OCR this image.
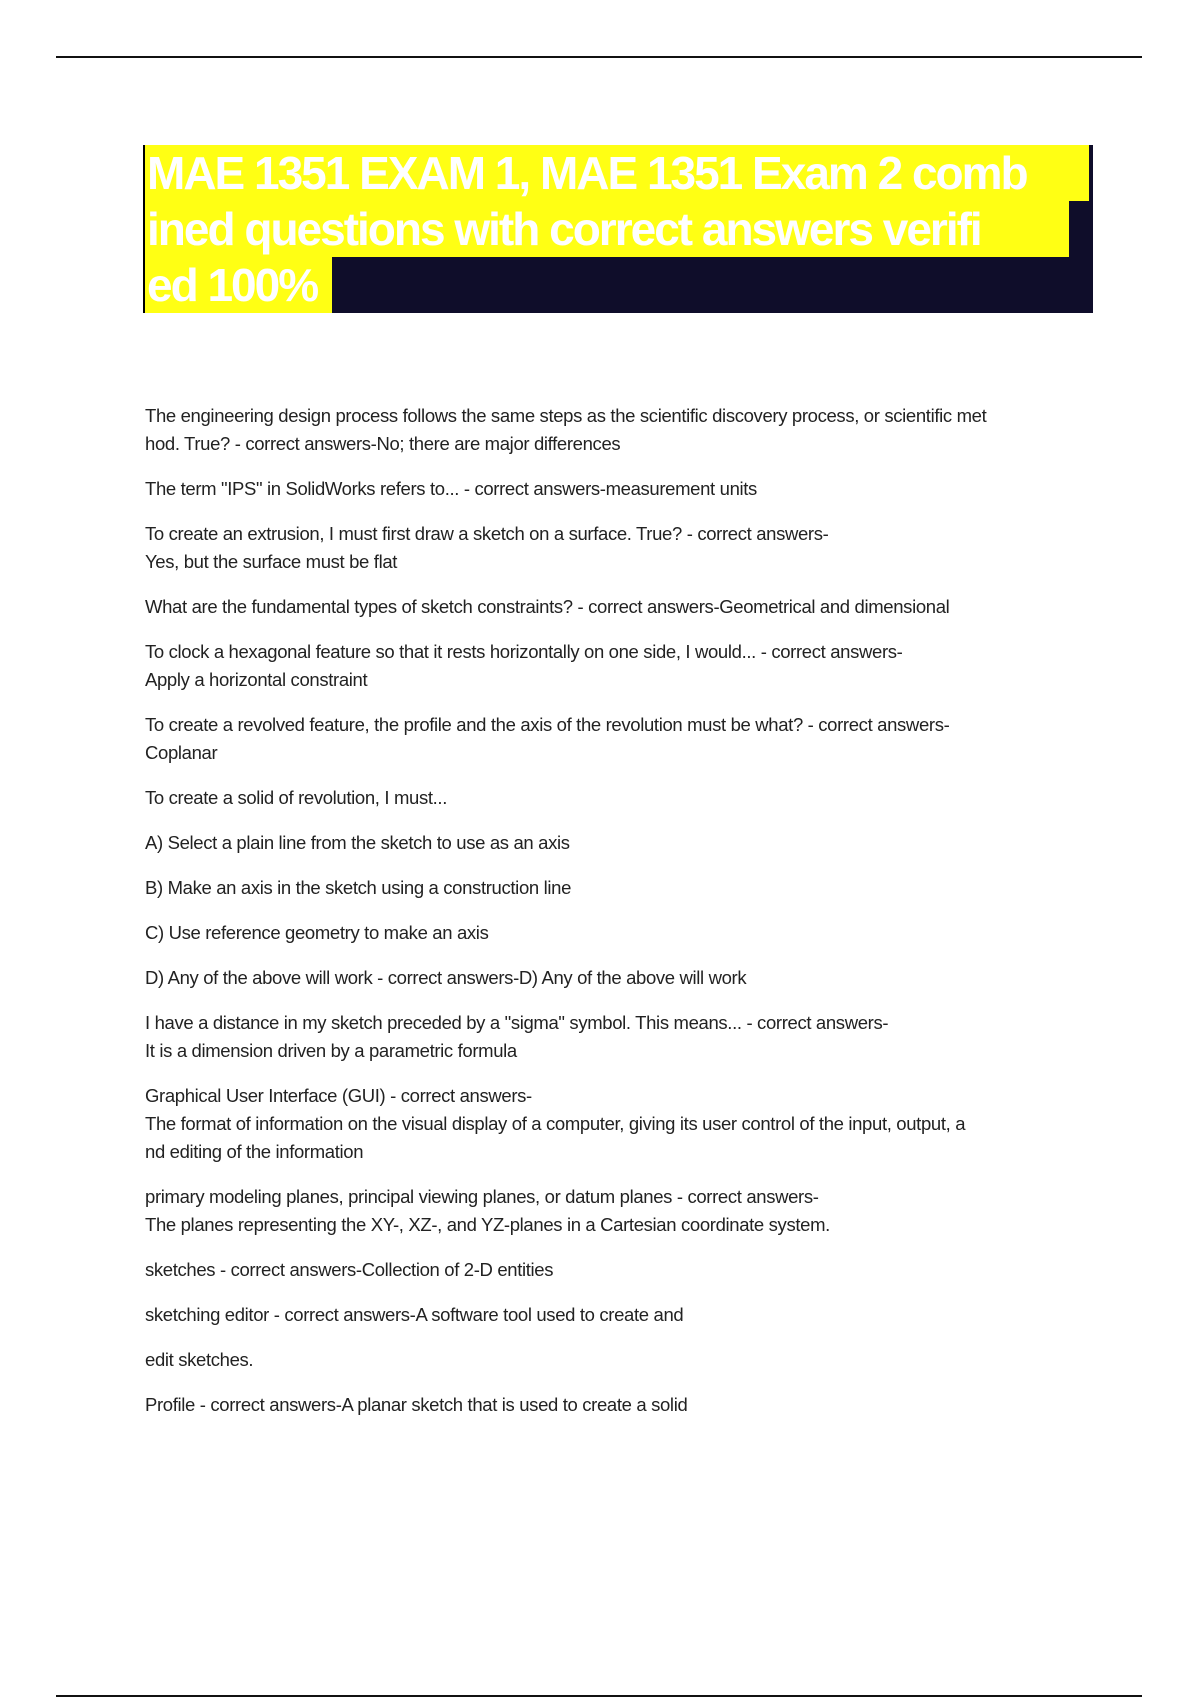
MAE 1351 EXAM 1, MAE 1351 Exam 2 comb
ined questions with correct answers verifi
ed 100%

The engineering design process follows the same steps as the scientific discovery process, or scientific met
hod. True? - correct answers-No; there are major differences

The term "IPS" in SolidWorks refers to... - correct answers-measurement units

To create an extrusion, I must first draw a sketch on a surface. True? - correct answers-
Yes, but the surface must be flat

What are the fundamental types of sketch constraints? - correct answers-Geometrical and dimensional

To clock a hexagonal feature so that it rests horizontally on one side, I would... - correct answers-
Apply a horizontal constraint

To create a revolved feature, the profile and the axis of the revolution must be what? - correct answers-
Coplanar

To create a solid of revolution, I must...

A) Select a plain line from the sketch to use as an axis

B) Make an axis in the sketch using a construction line

C) Use reference geometry to make an axis

D) Any of the above will work - correct answers-D) Any of the above will work

I have a distance in my sketch preceded by a "sigma" symbol. This means... - correct answers-
It is a dimension driven by a parametric formula

Graphical User Interface (GUI) - correct answers-
The format of information on the visual display of a computer, giving its user control of the input, output, a
nd editing of the information

primary modeling planes, principal viewing planes, or datum planes - correct answers-
The planes representing the XY-, XZ-, and YZ-planes in a Cartesian coordinate system.

sketches - correct answers-Collection of 2-D entities

sketching editor - correct answers-A software tool used to create and

edit sketches.

Profile - correct answers-A planar sketch that is used to create a solid
